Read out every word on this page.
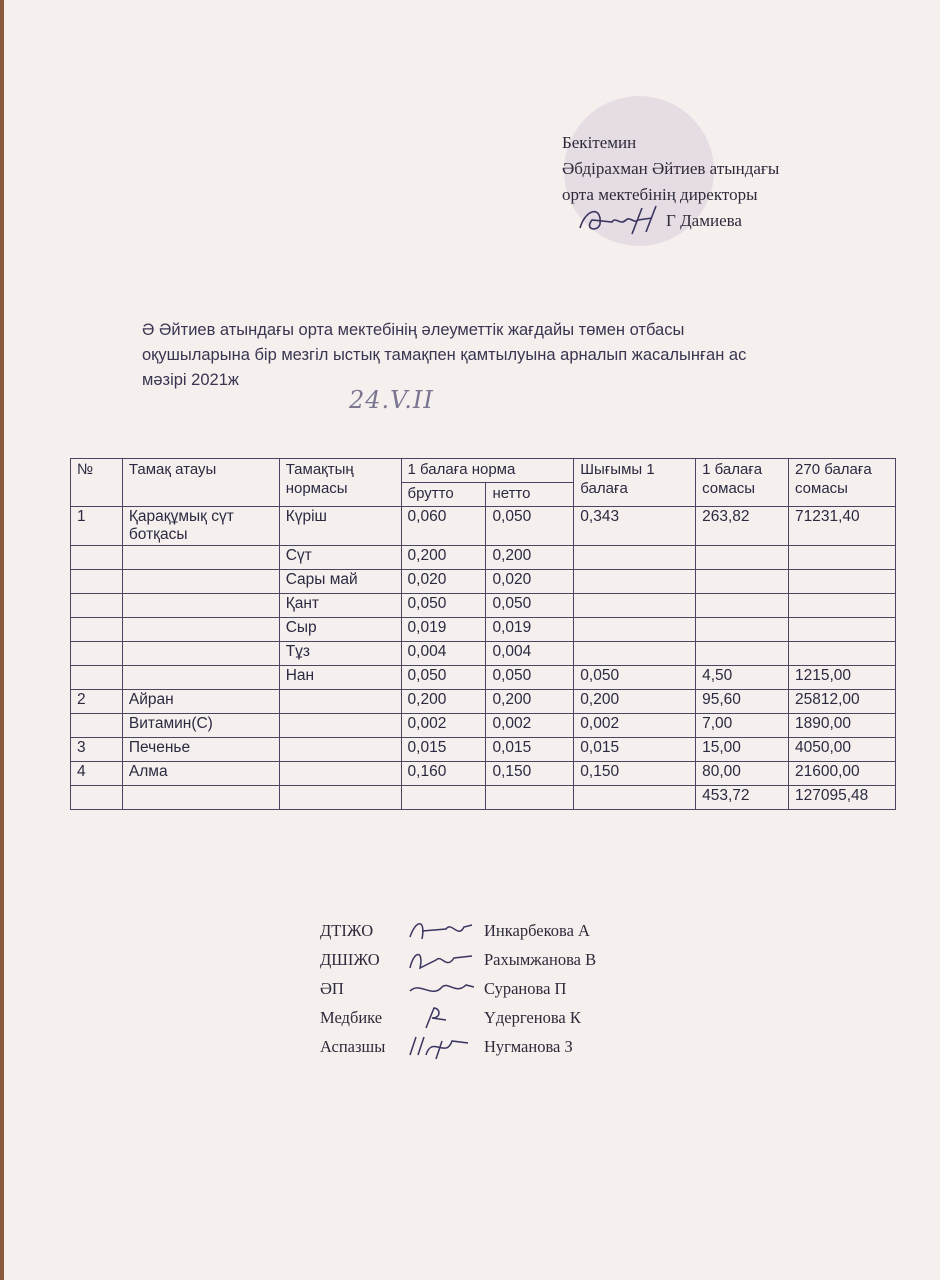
Бекітемин
Әбдірахман Әйтиев атындағы
орта мектебінің директоры
Г Дамиева
Ә Әйтиев атындағы орта мектебінің әлеуметтік жағдайы төмен отбасы
оқушыларына бір мезгіл ыстық тамақпен қамтылуына арналып жасалынған ас
мәзірі 2021ж
24.V.II
№	Тамақ атауы	Тамақтың нормасы	1 балаға норма		Шығымы 1 балаға	1 балаға сомасы	270 балаға сомасы
			брутто	нетто			
1	Қарақұмық сүт ботқасы	Күріш	0,060	0,050	0,343	263,82	71231,40
		Сүт	0,200	0,200			
		Сары май	0,020	0,020			
		Қант	0,050	0,050			
		Сыр	0,019	0,019			
		Тұз	0,004	0,004			
		Нан	0,050	0,050	0,050	4,50	1215,00
2	Айран		0,200	0,200	0,200	95,60	25812,00
	Витамин(С)		0,002	0,002	0,002	7,00	1890,00
3	Печенье		0,015	0,015	0,015	15,00	4050,00
4	Алма		0,160	0,150	0,150	80,00	21600,00
						453,72	127095,48
ДТІЖО	Инкарбекова А
ДШІЖО	Рахымжанова В
ӘП	Суранова П
Медбике	Үдергенова К
Аспазшы	Нугманова З
